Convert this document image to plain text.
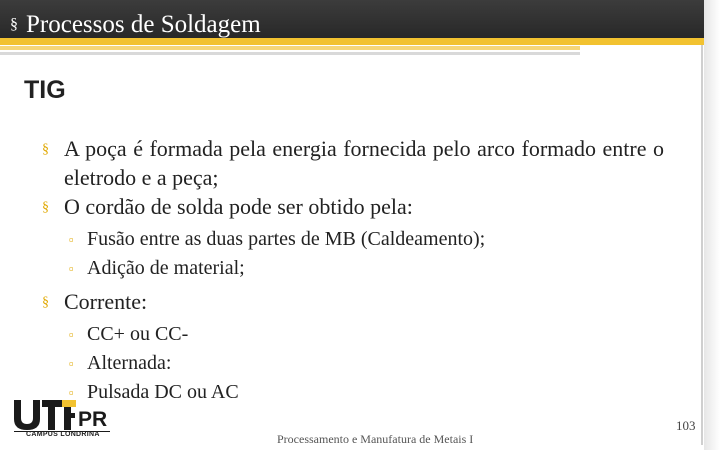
§ Processos de Soldagem
TIG
§ A poça é formada pela energia fornecida pelo arco formado entre o eletrodo e a peça;
§ O cordão de solda pode ser obtido pela:
▫ Fusão entre as duas partes de MB (Caldeamento);
▫ Adição de material;
§ Corrente:
▫ CC+ ou CC-
▫ Alternada:
▫ Pulsada DC ou AC
PR
CAMPUS LONDRINA	Processamento e Manufatura de Metais I
103
